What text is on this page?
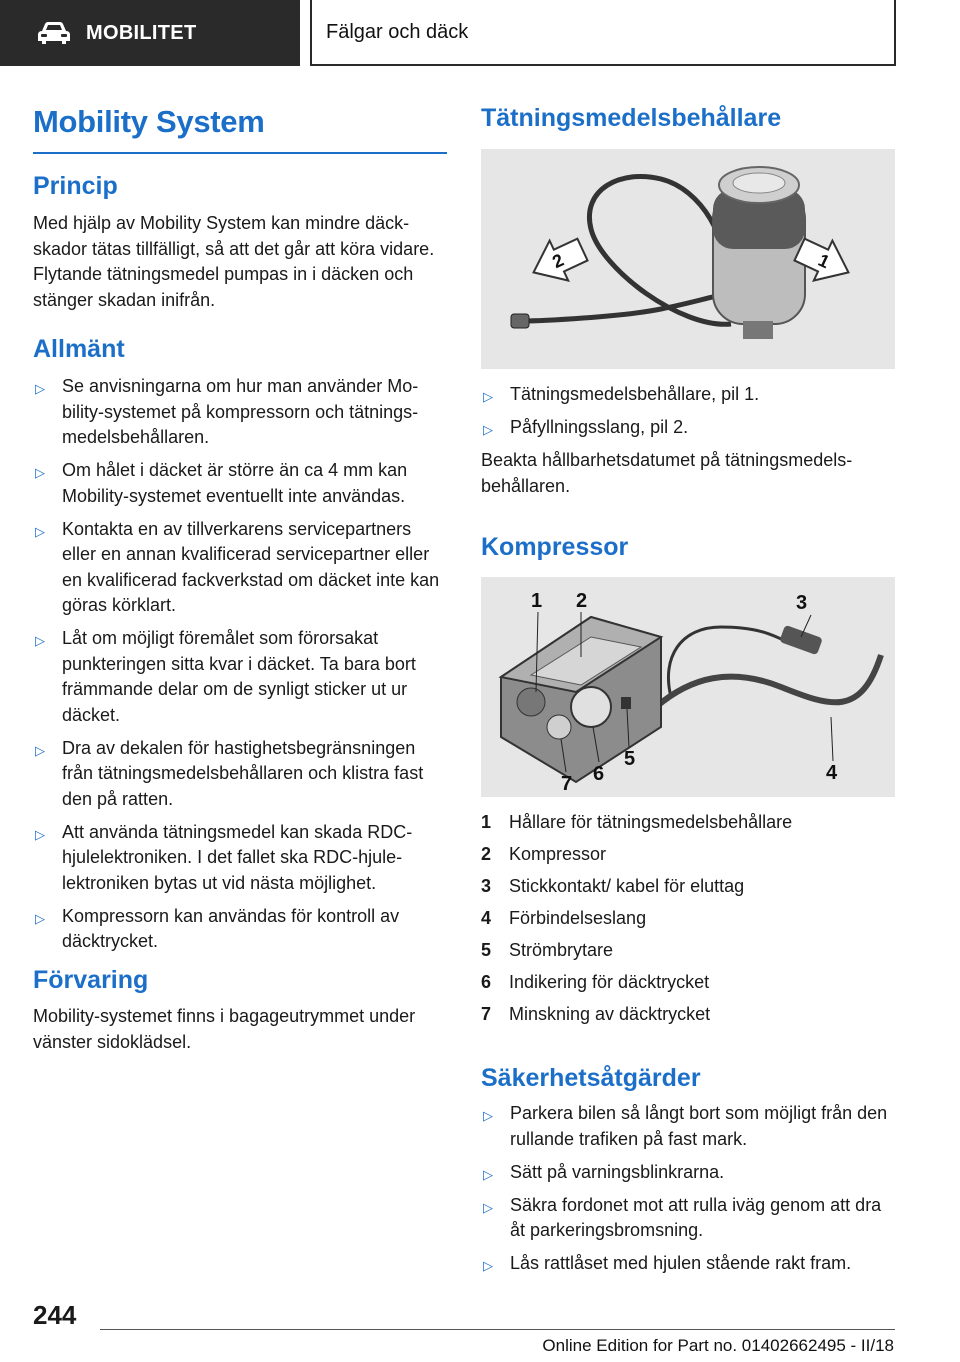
MOBILITET	Fälgar och däck
Mobility System
Princip
Med hjälp av Mobility System kan mindre däckskador tätas tillfälligt, så att det går att köra vidare. Flytande tätningsmedel pumpas in i däcken och stänger skadan inifrån.
Allmänt
▷ Se anvisningarna om hur man använder Mobility-systemet på kompressorn och tätningsmedelsbehållaren.
▷ Om hålet i däcket är större än ca 4 mm kan Mobility-systemet eventuellt inte användas.
▷ Kontakta en av tillverkarens servicepartners eller en annan kvalificerad servicepartner eller en kvalificerad fackverkstad om däcket inte kan göras körklart.
▷ Låt om möjligt föremålet som förorsakat punkteringen sitta kvar i däcket. Ta bara bort främmande delar om de synligt sticker ut ur däcket.
▷ Dra av dekalen för hastighetsbegränsningen från tätningsmedelsbehållaren och klistra fast den på ratten.
▷ Att använda tätningsmedel kan skada RDC-hjulelektroniken. I det fallet ska RDC-hjulelektroniken bytas ut vid nästa möjlighet.
▷ Kompressorn kan användas för kontroll av däcktrycket.
Förvaring
Mobility-systemet finns i bagageutrymmet under vänster sidoklädsel.
Tätningsmedelsbehållare
2	1
▷ Tätningsmedelsbehållare, pil 1.
▷ Påfyllningsslang, pil 2.
Beakta hållbarhetsdatumet på tätningsmedelsbehållaren.
Kompressor
1 2	3
4
5
6
7
1 Hållare för tätningsmedelsbehållare
2 Kompressor
3 Stickkontakt/ kabel för eluttag
4 Förbindelseslang
5 Strömbrytare
6 Indikering för däcktrycket
7 Minskning av däcktrycket
Säkerhetsåtgärder
▷ Parkera bilen så långt bort som möjligt från den rullande trafiken på fast mark.
▷ Sätt på varningsblinkrarna.
▷ Säkra fordonet mot att rulla iväg genom att dra åt parkeringsbromsning.
▷ Lås rattlåset med hjulen stående rakt fram.
244
Online Edition for Part no. 01402662495 - II/18
